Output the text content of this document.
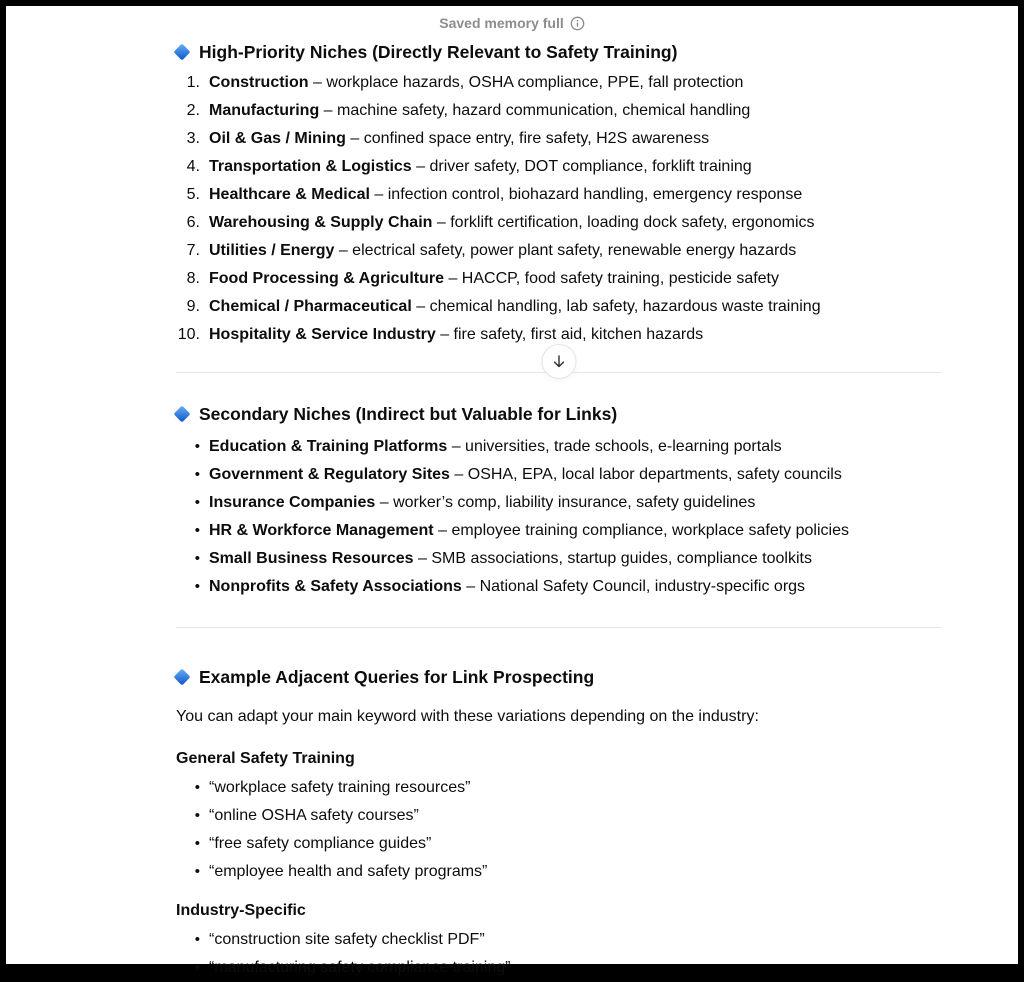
Saved memory full
High-Priority Niches (Directly Relevant to Safety Training)
1. Construction – workplace hazards, OSHA compliance, PPE, fall protection
2. Manufacturing – machine safety, hazard communication, chemical handling
3. Oil & Gas / Mining – confined space entry, fire safety, H2S awareness
4. Transportation & Logistics – driver safety, DOT compliance, forklift training
5. Healthcare & Medical – infection control, biohazard handling, emergency response
6. Warehousing & Supply Chain – forklift certification, loading dock safety, ergonomics
7. Utilities / Energy – electrical safety, power plant safety, renewable energy hazards
8. Food Processing & Agriculture – HACCP, food safety training, pesticide safety
9. Chemical / Pharmaceutical – chemical handling, lab safety, hazardous waste training
10. Hospitality & Service Industry – fire safety, first aid, kitchen hazards
Secondary Niches (Indirect but Valuable for Links)
•
Education & Training Platforms – universities, trade schools, e-learning portals
•
Government & Regulatory Sites – OSHA, EPA, local labor departments, safety councils
•
Insurance Companies – worker’s comp, liability insurance, safety guidelines
•
HR & Workforce Management – employee training compliance, workplace safety policies
•
Small Business Resources – SMB associations, startup guides, compliance toolkits
•
Nonprofits & Safety Associations – National Safety Council, industry-specific orgs
Example Adjacent Queries for Link Prospecting

You can adapt your main keyword with these variations depending on the industry:

General Safety Training
•
“workplace safety training resources”
•
“online OSHA safety courses”
•
“free safety compliance guides”
•
“employee health and safety programs”
Industry-Specific
•
“construction site safety checklist PDF”
•
“manufacturing safety compliance training”
